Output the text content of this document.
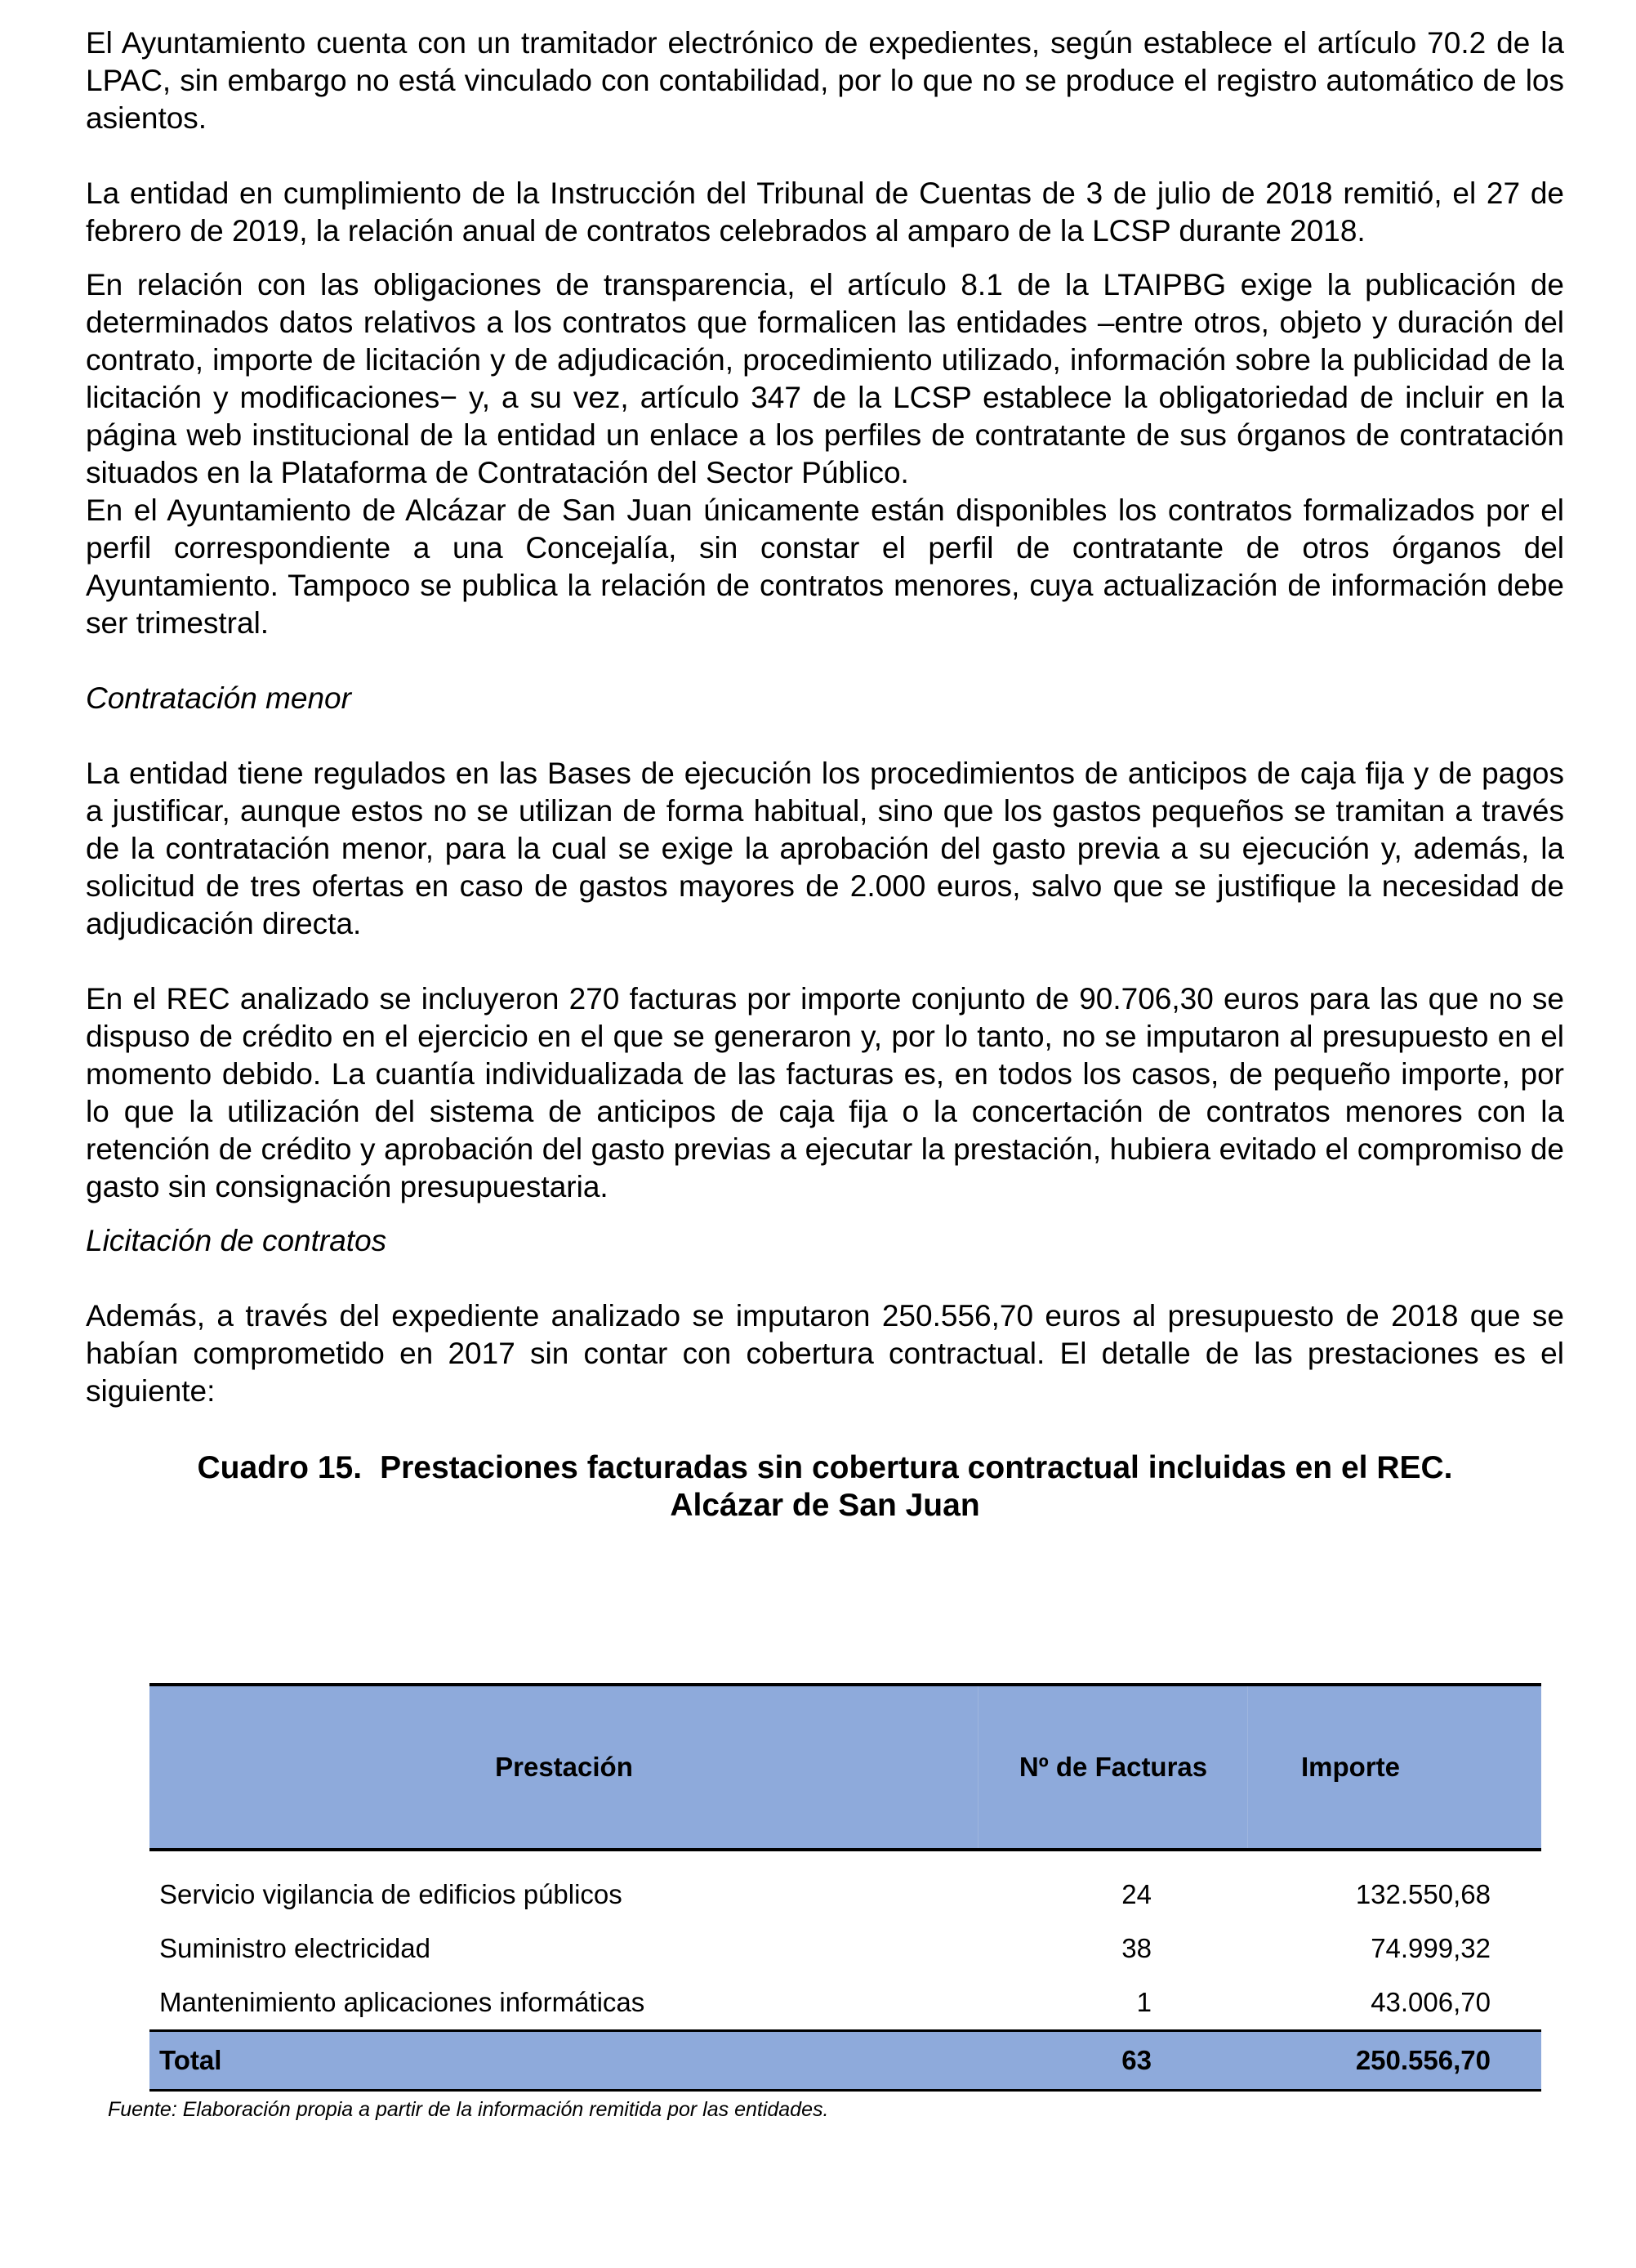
El Ayuntamiento cuenta con un tramitador electrónico de expedientes, según establece el artículo 70.2 de la LPAC, sin embargo no está vinculado con contabilidad, por lo que no se produce el registro automático de los asientos.

La entidad en cumplimiento de la Instrucción del Tribunal de Cuentas de 3 de julio de 2018 remitió, el 27 de febrero de 2019, la relación anual de contratos celebrados al amparo de la LCSP durante 2018.

En relación con las obligaciones de transparencia, el artículo 8.1 de la LTAIPBG exige la publicación de determinados datos relativos a los contratos que formalicen las entidades –entre otros, objeto y duración del contrato, importe de licitación y de adjudicación, procedimiento utilizado, información sobre la publicidad de la licitación y modificaciones− y, a su vez, artículo 347 de la LCSP establece la obligatoriedad de incluir en la página web institucional de la entidad un enlace a los perfiles de contratante de sus órganos de contratación situados en la Plataforma de Contratación del Sector Público.

En el Ayuntamiento de Alcázar de San Juan únicamente están disponibles los contratos formalizados por el perfil correspondiente a una Concejalía, sin constar el perfil de contratante de otros órganos del Ayuntamiento. Tampoco se publica la relación de contratos menores, cuya actualización de información debe ser trimestral.

Contratación menor

La entidad tiene regulados en las Bases de ejecución los procedimientos de anticipos de caja fija y de pagos a justificar, aunque estos no se utilizan de forma habitual, sino que los gastos pequeños se tramitan a través de la contratación menor, para la cual se exige la aprobación del gasto previa a su ejecución y, además, la solicitud de tres ofertas en caso de gastos mayores de 2.000 euros, salvo que se justifique la necesidad de adjudicación directa.

En el REC analizado se incluyeron 270 facturas por importe conjunto de 90.706,30 euros para las que no se dispuso de crédito en el ejercicio en el que se generaron y, por lo tanto, no se imputaron al presupuesto en el momento debido. La cuantía individualizada de las facturas es, en todos los casos, de pequeño importe, por lo que la utilización del sistema de anticipos de caja fija o la concertación de contratos menores con la retención de crédito y aprobación del gasto previas a ejecutar la prestación, hubiera evitado el compromiso de gasto sin consignación presupuestaria.

Licitación de contratos

Además, a través del expediente analizado se imputaron 250.556,70 euros al presupuesto de 2018 que se habían comprometido en 2017 sin contar con cobertura contractual. El detalle de las prestaciones es el siguiente:

Cuadro 15. Prestaciones facturadas sin cobertura contractual incluidas en el REC.
Alcázar de San Juan
Prestación	Nº de Facturas	Importe
Servicio vigilancia de edificios públicos	24	132.550,68
Suministro electricidad	38	74.999,32
Mantenimiento aplicaciones informáticas	1	43.006,70
Total	63	250.556,70
Fuente: Elaboración propia a partir de la información remitida por las entidades.
